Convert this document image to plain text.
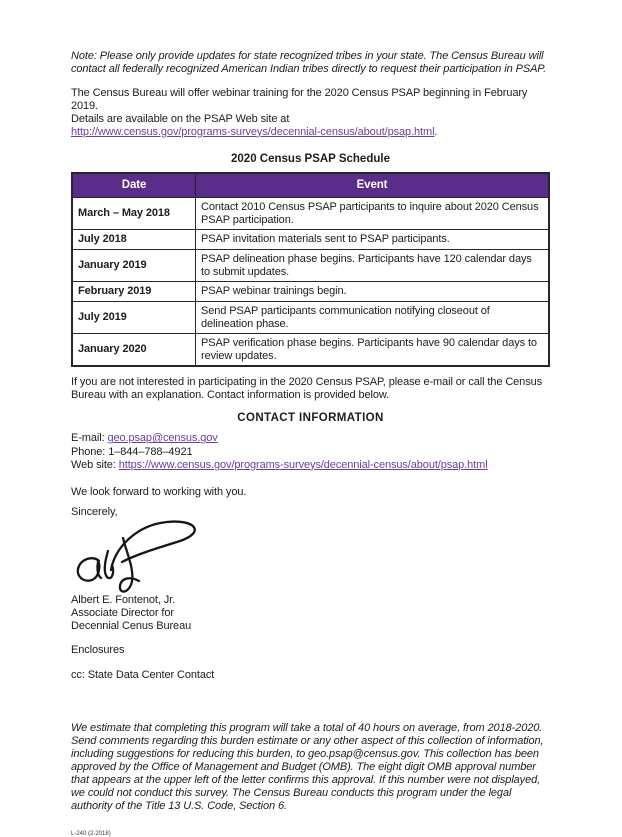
Note: Please only provide updates for state recognized tribes in your state. The Census Bureau will contact all federally recognized American Indian tribes directly to request their participation in PSAP.

The Census Bureau will offer webinar training for the 2020 Census PSAP beginning in February 2019.
Details are available on the PSAP Web site at
http://www.census.gov/programs-surveys/decennial-census/about/psap.html.

2020 Census PSAP Schedule
Date	Event
March – May 2018	Contact 2010 Census PSAP participants to inquire about 2020 Census PSAP participation.
July 2018	PSAP invitation materials sent to PSAP participants.
January 2019	PSAP delineation phase begins. Participants have 120 calendar days to submit updates.
February 2019	PSAP webinar trainings begin.
July 2019	Send PSAP participants communication notifying closeout of delineation phase.
January 2020	PSAP verification phase begins. Participants have 90 calendar days to review updates.

If you are not interested in participating in the 2020 Census PSAP, please e-mail or call the Census Bureau with an explanation. Contact information is provided below.

CONTACT INFORMATION
E-mail: geo.psap@census.gov
Phone: 1–844–788–4921
Web site: https://www.census.gov/programs-surveys/decennial-census/about/psap.html

We look forward to working with you.

Sincerely,

Albert E. Fontenot, Jr.
Associate Director for
Decennial Cenus Bureau

Enclosures

cc: State Data Center Contact

We estimate that completing this program will take a total of 40 hours on average, from 2018-2020. Send comments regarding this burden estimate or any other aspect of this collection of information, including suggestions for reducing this burden, to geo.psap@census.gov. This collection has been approved by the Office of Management and Budget (OMB). The eight digit OMB approval number that appears at the upper left of the letter confirms this approval. If this number were not displayed, we could not conduct this survey. The Census Bureau conducts this program under the legal authority of the Title 13 U.S. Code, Section 6.

L-240 (2-2018)
